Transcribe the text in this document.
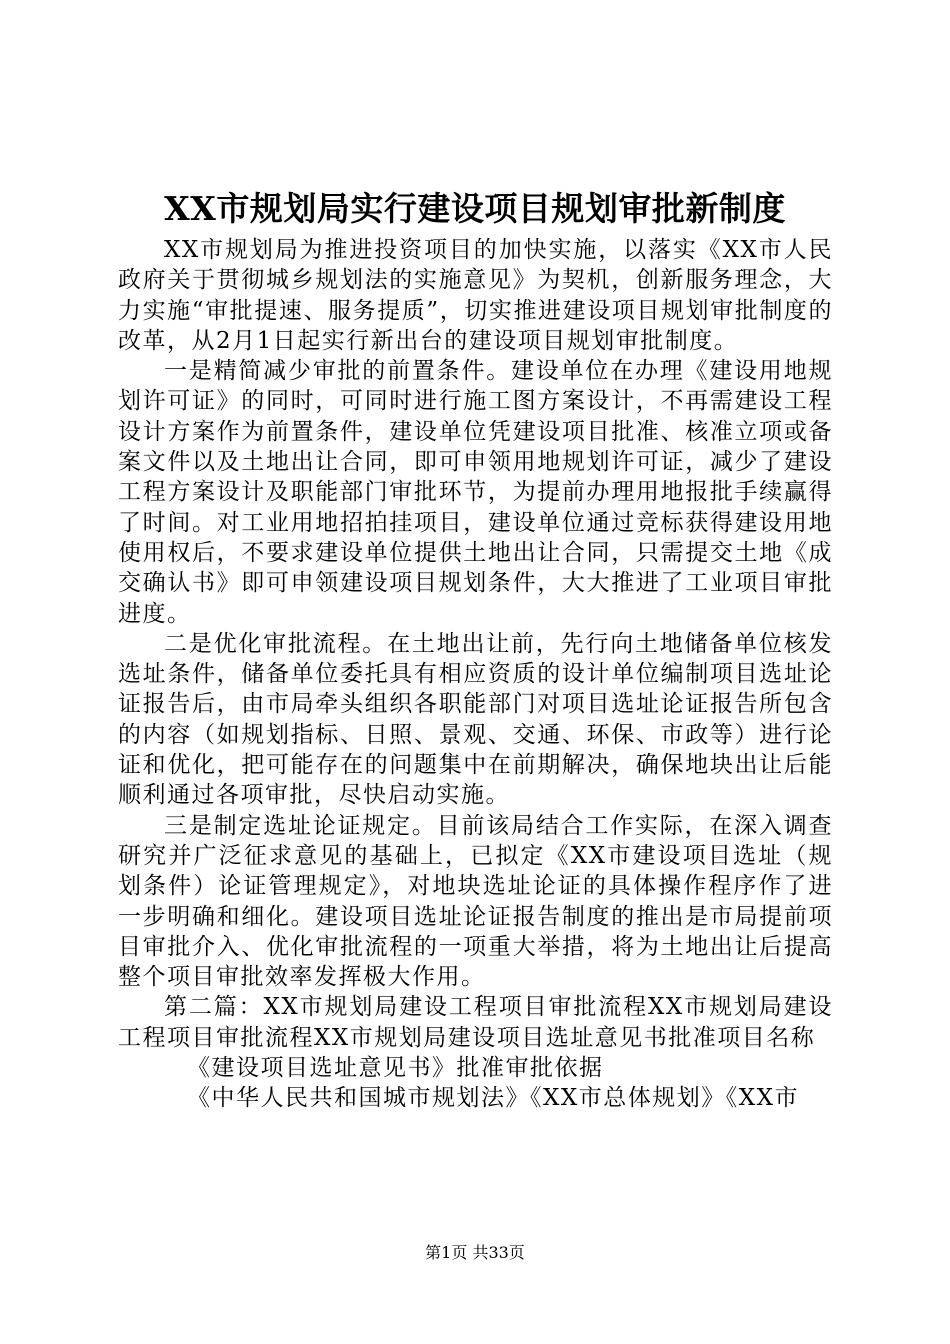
XX市规划局实行建设项目规划审批新制度

XX市规划局为推进投资项目的加快实施，以落实《XX市人民政府关于贯彻城乡规划法的实施意见》为契机，创新服务理念，大力实施“审批提速、服务提质”，切实推进建设项目规划审批制度的改革，从2月1日起实行新出台的建设项目规划审批制度。

一是精简减少审批的前置条件。建设单位在办理《建设用地规划许可证》的同时，可同时进行施工图方案设计，不再需建设工程设计方案作为前置条件，建设单位凭建设项目批准、核准立项或备案文件以及土地出让合同，即可申领用地规划许可证，减少了建设工程方案设计及职能部门审批环节，为提前办理用地报批手续赢得了时间。对工业用地招拍挂项目，建设单位通过竞标获得建设用地使用权后，不要求建设单位提供土地出让合同，只需提交土地《成交确认书》即可申领建设项目规划条件，大大推进了工业项目审批进度。

二是优化审批流程。在土地出让前，先行向土地储备单位核发选址条件，储备单位委托具有相应资质的设计单位编制项目选址论证报告后，由市局牵头组织各职能部门对项目选址论证报告所包含的内容（如规划指标、日照、景观、交通、环保、市政等）进行论证和优化，把可能存在的问题集中在前期解决，确保地块出让后能顺利通过各项审批，尽快启动实施。

三是制定选址论证规定。目前该局结合工作实际，在深入调查研究并广泛征求意见的基础上，已拟定《XX市建设项目选址（规划条件）论证管理规定》，对地块选址论证的具体操作程序作了进一步明确和细化。建设项目选址论证报告制度的推出是市局提前项目审批介入、优化审批流程的一项重大举措，将为土地出让后提高整个项目审批效率发挥极大作用。

第二篇：XX市规划局建设工程项目审批流程XX市规划局建设工程项目审批流程XX市规划局建设项目选址意见书批准项目名称

《建设项目选址意见书》批准审批依据

《中华人民共和国城市规划法》《XX市总体规划》《XX市

第1页 共33页
